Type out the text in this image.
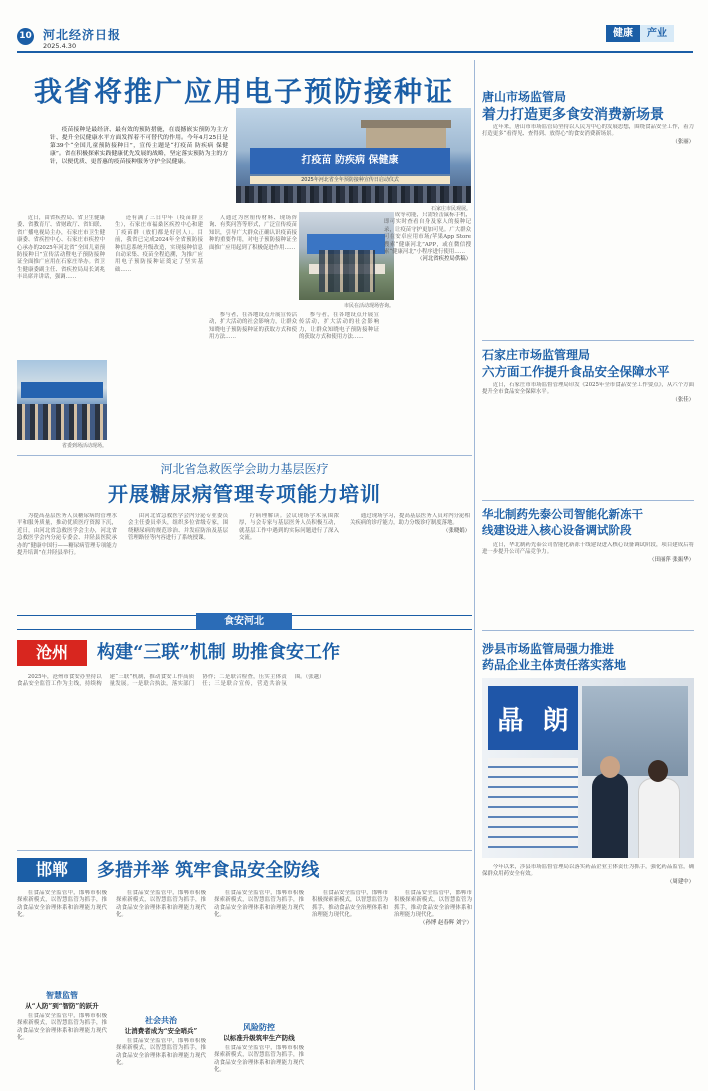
10 河北经济日报
2025.4.30
健康	产业
我省将推广应用电子预防接种证

疫苗接种是最经济、最有效的预防措施，在震撼嵌实预防为主方针、提升全民健康水平方面发挥着不可替代的作用。今年4月25日是第39个“全国儿童预防接种日”，宣传主题是“打疫苗 防疾病 保健康”。省在积极探索实践健康优先发展的战略，坚定落实预防为主的方针，以便优质、更普惠的疫苗接种服务守护全民健康。	打疫苗 防疾病 保健康
2025年河北省全年预防接种宣传日启动仪式
石家庄市民观展。

近日，由省疾控局、省卫生健康委、省教育厅、省财政厅、省妇联、省广播电视局主办，石家庄市卫生健康委、省疾控中心、石家庄市疾控中心承办的2025年河北省“全国儿童预防接种日”宣传活动暨电子预防接种证全面推广应用在石家庄举办。省卫生健康委副主任、省疾控局局长刘兆丰出席并讲话，强调……

还有满了三日中年（疫苗群卫生），石家庄市福桑区疾控中心和建丁疫苗群（放们都是好居人）。目前，我省已完成2024年全省预防接种信息系统升级改造，实现接种信息自动采集、疫苗全程追溯，为推广应用电子预防接种证奠定了坚实基础……

人通过为丝厘传材料、现场咨询、有奖问答等形式，广泛宣传疫苗知识，引导广大群众正确认识疫苗接种的重要作用，对电子预防接种证全面推广应用起到了积极促进作用……

市民在活动现场咨询。

参与者，在各地设点开展宣传活动，扩大活动的社会影响力，让群众知晓电子预防接种证的获取方式和使用方法……

参与者，在各地设点开展宣传活动，扩大活动的社会影响力，让群众知晓电子预防接种证的获取方式和使用方法……

成等功能，只需轻击鼠标手机，即可实时查看自身及家人的接种记录，让疫苗守护更加可见。广大群众可在安卓应用市场/苹果App Store搜索“健康河北”APP，或在微信搜索“健康河北”小程序进行使用……

（河北省疾控局供稿）

省委到场活动现场。
河北省急救医学会助力基层医疗
开展糖尿病管理专项能力培训

为提高基层医务人员糖尿病的管理水平和服务质量，推动优质医疗资源下沉，近日，由河北省急救医学会主办，河北省急救医学会内分泌专委会、井陉县医院承办的“健康中国行——糖尿病管理专项能力提升培训”在井陉县举行。

由河北省急救医学会内分泌专业委员会主任委员牵头，组织多位省级专家，围绕糖尿病的规范诊治、并发症防治及基层管理路径等内容进行了系统授课。

疗病理解读。会议现场学术氛围浓厚，与会专家与基层医务人员积极互动，就基层工作中遇到的实际问题进行了深入交流。

通过现场学习，提高基层医务人员对内分泌相关疾病的诊疗能力，助力分级诊疗制度落地。

（张晓娟）

食安河北
沧州	构建“三联”机制 助推食安工作

2025年，沧州市食安办坚持以食品安全监管工作为主线，持续构建“三联”机制，推动食安工作高质量发展。一是联合执法，落实部门协作；二是联合检查，压实主体责任；三是联合宣传，营造共治氛围。（张越）

邯郸	多措并举 筑牢食品安全防线

在食品安全监管中，邯郸市积极探索新模式，以智慧监管为抓手，推动食品安全治理体系和治理能力现代化。

智慧监管
从“人防”到“智防”的跃升

在食品安全监管中，邯郸市积极探索新模式，以智慧监管为抓手，推动食品安全治理体系和治理能力现代化。

在食品安全监管中，邯郸市积极探索新模式，以智慧监管为抓手，推动食品安全治理体系和治理能力现代化。

社会共治
让消费者成为“安全哨兵”

在食品安全监管中，邯郸市积极探索新模式，以智慧监管为抓手，推动食品安全治理体系和治理能力现代化。

在食品安全监管中，邯郸市积极探索新模式，以智慧监管为抓手，推动食品安全治理体系和治理能力现代化。

风险防控
以标准升级筑牢生产防线

在食品安全监管中，邯郸市积极探索新模式，以智慧监管为抓手，推动食品安全治理体系和治理能力现代化。

在食品安全监管中，邯郸市积极探索新模式，以智慧监管为抓手，推动食品安全治理体系和治理能力现代化。

在食品安全监管中，邯郸市积极探索新模式，以智慧监管为抓手，推动食品安全治理体系和治理能力现代化。

（孙博 赵春辉 刘宁）

唐山市场监管局
着力打造更多食安消费新场景

近年来，唐山市市场监管局坚持以人民为中心的发展思想，围绕食品安全工作，着力打造更多“看得见、查得到、放得心”的食安消费新场景。

（张丽）

石家庄市场监管理局
六方面工作提升食品安全保障水平

近日，石家庄市市场监督管理局印发《2025年全市食品安全工作要点》，从六个方面提升全市食品安全保障水平。

（张佳）

华北制药先泰公司智能化新冻干
线建设进入核心设备调试阶段

近日，华北制药先泰公司智能化新冻干线建设进入核心设备调试阶段，项目建成后将进一步提升公司产品竞争力。

（田丽萍 张振华）

涉县市场监管局强力推进
药品企业主体责任落实落地
晶 朗

今年以来，涉县市场监督管理局以落实药品企业主体责任为抓手，强化药品监管，确保群众用药安全有效。

（周建中）
